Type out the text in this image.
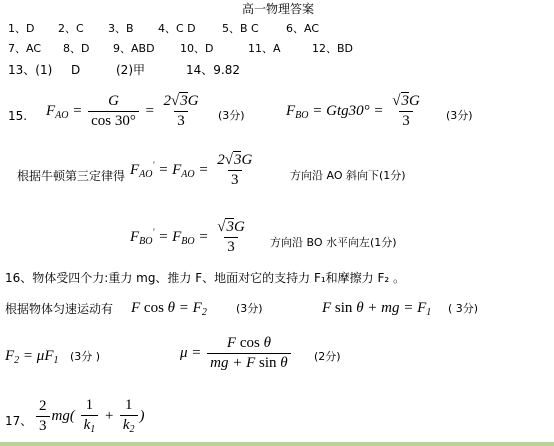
高一物理答案
1、D 2、C 3、B 4、C D 5、B C 6、AC
7、AC 8、D 9、ABD 10、D	11、A	12、BD
13、(1) D	(2)甲	14、9.82
15. $F_{AO} = \frac{G}{\cos 30^\circ} = \frac{2√3G}{3} (3$分)	$F_{BO} = Gtg30^\circ = \frac{√3G}{3} (3$分)
根据牛顿第三定律得 $F_{AO}' = F_{AO} = \frac{2√3G}{3}$	方向沿 AO 斜向下(1分)
$F_{BO}' = F_{BO} = \frac{√3G}{3}$ 方向沿 BO 水平向左(1分)
16、物体受四个力:重力 mg、推力 F、地面对它的支持力 F₁和摩擦力 F₂ 。
根据物体匀速运动有 F $\cos \theta = F_2$	(3分)	F sin θ + mg = $F_1$ ( 3分)
$F_2 = \mu F_1$ (3分 )	$\mu = \frac{\text{F cos θ}}{\text{mg + F sin θ}} (2$分)
17、 $\frac{2}{3} mg( \frac{1}{k_1} + \frac{1}{k_2}$ )
